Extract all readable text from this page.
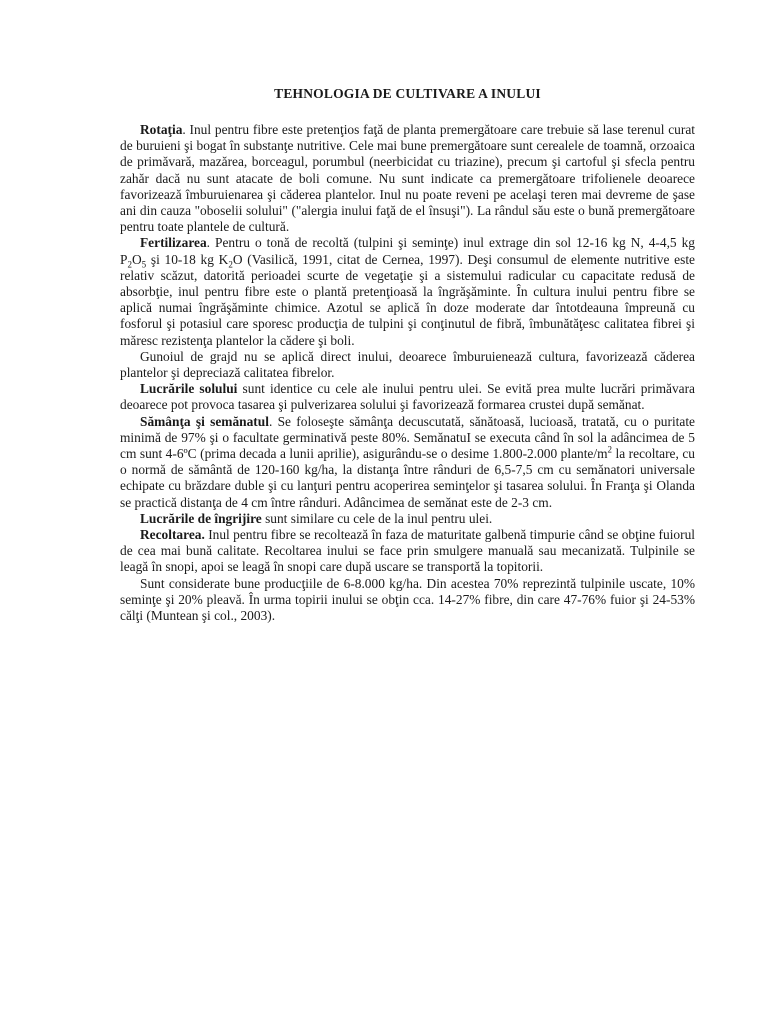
TEHNOLOGIA DE CULTIVARE A INULUI

Rotaţia. Inul pentru fibre este pretenţios faţă de planta premergătoare care trebuie să lase terenul curat de buruieni şi bogat în substanţe nutritive. Cele mai bune premergătoare sunt cerealele de toamnă, orzoaica de primăvară, mazărea, borceagul, porumbul (neerbicidat cu triazine), precum şi cartoful şi sfecla pentru zahăr dacă nu sunt atacate de boli comune. Nu sunt indicate ca premergătoare trifolienele deoarece favorizează îmburuienarea şi căderea plantelor. Inul nu poate reveni pe acelaşi teren mai devreme de şase ani din cauza "oboselii solului" ("alergia inului faţă de el însuşi"). La rândul său este o bună premergătoare pentru toate plantele de cultură.

Fertilizarea. Pentru o tonă de recoltă (tulpini şi seminţe) inul extrage din sol 12-16 kg N, 4-4,5 kg $P_2O_5$ şi 10-18 kg $K_2O$ (Vasilică, 1991, citat de Cernea, 1997). Deşi consumul de elemente nutritive este relativ scăzut, datorită perioadei scurte de vegetaţie şi a sistemului radicular cu capacitate redusă de absorbţie, inul pentru fibre este o plantă pretenţioasă la îngrăşăminte. În cultura inului pentru fibre se aplică numai îngrăşăminte chimice. Azotul se aplică în doze moderate dar întotdeauna împreună cu fosforul şi potasiul care sporesc producţia de tulpini şi conţinutul de fibră, îmbunătăţesc calitatea fibrei şi măresc rezistenţa plantelor la cădere şi boli.

Gunoiul de grajd nu se aplică direct inului, deoarece îmburuienează cultura, favorizează căderea plantelor şi depreciază calitatea fibrelor.

Lucrările solului sunt identice cu cele ale inului pentru ulei. Se evită prea multe lucrări primăvara deoarece pot provoca tasarea şi pulverizarea solului şi favorizează formarea crustei după semănat.

Sămânţa şi semănatul. Se foloseşte sămânţa decuscutată, sănătoasă, lucioasă, tratată, cu o puritate minimă de 97% şi o facultate germinativă peste 80%. SemănatuI se executa când în sol la adâncimea de 5 cm sunt 4-6ºC (prima decada a lunii aprilie), asigurându-se o desime 1.800-2.000 plante/$m^2$ la recoltare, cu o normă de sământă de 120-160 kg/ha, la distanţa între rânduri de 6,5-7,5 cm cu semănatori universale echipate cu brăzdare duble şi cu lanţuri pentru acoperirea seminţelor şi tasarea solului. În Franţa şi Olanda se practică distanţa de 4 cm între rânduri. Adâncimea de semănat este de 2-3 cm.

Lucrările de îngrijire sunt similare cu cele de la inul pentru ulei.

Recoltarea. Inul pentru fibre se recoltează în faza de maturitate galbenă timpurie când se obţine fuiorul de cea mai bună calitate. Recoltarea inului se face prin smulgere manuală sau mecanizată. Tulpinile se leagă în snopi, apoi se leagă în snopi care după uscare se transportă la topitorii.

Sunt considerate bune producţiile de 6-8.000 kg/ha. Din acestea 70% reprezintă tulpinile uscate, 10% seminţe şi 20% pleavă. În urma topirii inului se obţin cca. 14-27% fibre, din care 47-76% fuior şi 24-53% călţi (Muntean şi col., 2003).
